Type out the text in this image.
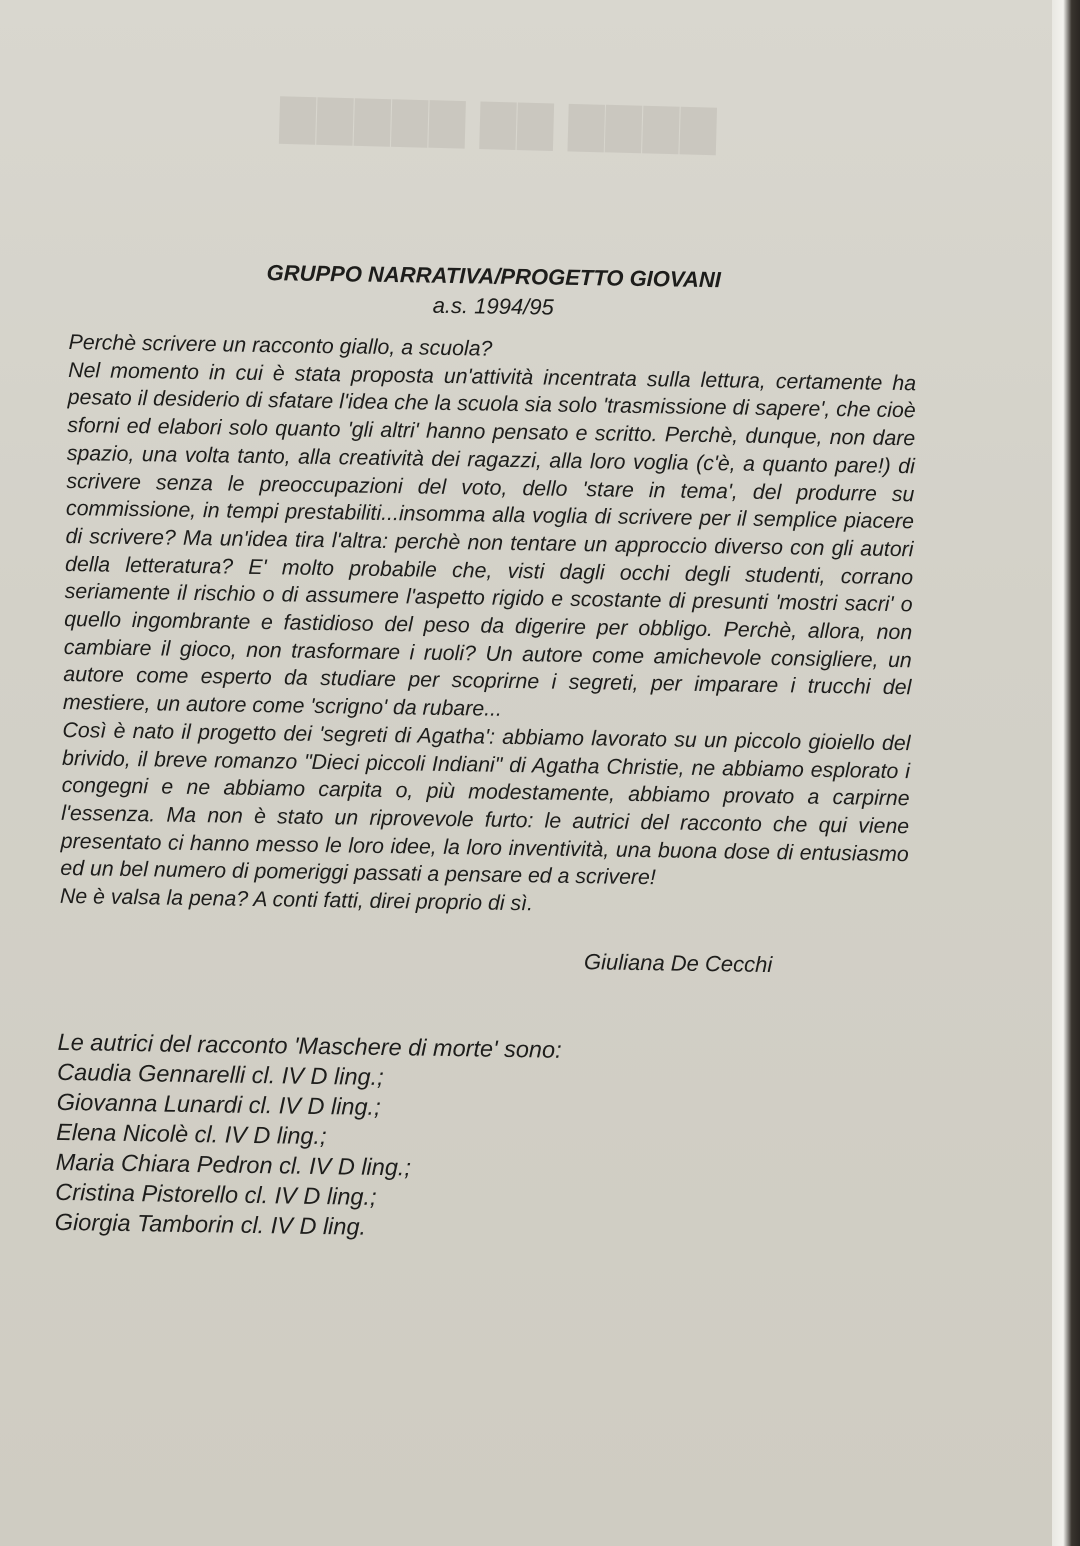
▇▇▇▇▇ ▇▇ ▇▇▇▇
GRUPPO NARRATIVA/PROGETTO GIOVANI
a.s. 1994/95

Perchè scrivere un racconto giallo, a scuola?

Nel momento in cui è stata proposta un'attività incentrata sulla lettura, certamente ha pesato il desiderio di sfatare l'idea che la scuola sia solo 'trasmissione di sapere', che cioè sforni ed elabori solo quanto 'gli altri' hanno pensato e scritto. Perchè, dunque, non dare spazio, una volta tanto, alla creatività dei ragazzi, alla loro voglia (c'è, a quanto pare!) di scrivere senza le preoccupazioni del voto, dello 'stare in tema', del produrre su commissione, in tempi prestabiliti...insomma alla voglia di scrivere per il semplice piacere di scrivere? Ma un'idea tira l'altra: perchè non tentare un approccio diverso con gli autori della letteratura? E' molto probabile che, visti dagli occhi degli studenti, corrano seriamente il rischio o di assumere l'aspetto rigido e scostante di presunti 'mostri sacri' o quello ingombrante e fastidioso del peso da digerire per obbligo. Perchè, allora, non cambiare il gioco, non trasformare i ruoli? Un autore come amichevole consigliere, un autore come esperto da studiare per scoprirne i segreti, per imparare i trucchi del mestiere, un autore come 'scrigno' da rubare...

Così è nato il progetto dei 'segreti di Agatha': abbiamo lavorato su un piccolo gioiello del brivido, il breve romanzo "Dieci piccoli Indiani" di Agatha Christie, ne abbiamo esplorato i congegni e ne abbiamo carpita o, più modestamente, abbiamo provato a carpirne l'essenza. Ma non è stato un riprovevole furto: le autrici del racconto che qui viene presentato ci hanno messo le loro idee, la loro inventività, una buona dose di entusiasmo ed un bel numero di pomeriggi passati a pensare ed a scrivere!

Ne è valsa la pena? A conti fatti, direi proprio di sì.

Giuliana De Cecchi
Le autrici del racconto 'Maschere di morte' sono:
Caudia Gennarelli cl. IV D ling.;
Giovanna Lunardi cl. IV D ling.;
Elena Nicolè cl. IV D ling.;
Maria Chiara Pedron cl. IV D ling.;
Cristina Pistorello cl. IV D ling.;
Giorgia Tamborin cl. IV D ling.
